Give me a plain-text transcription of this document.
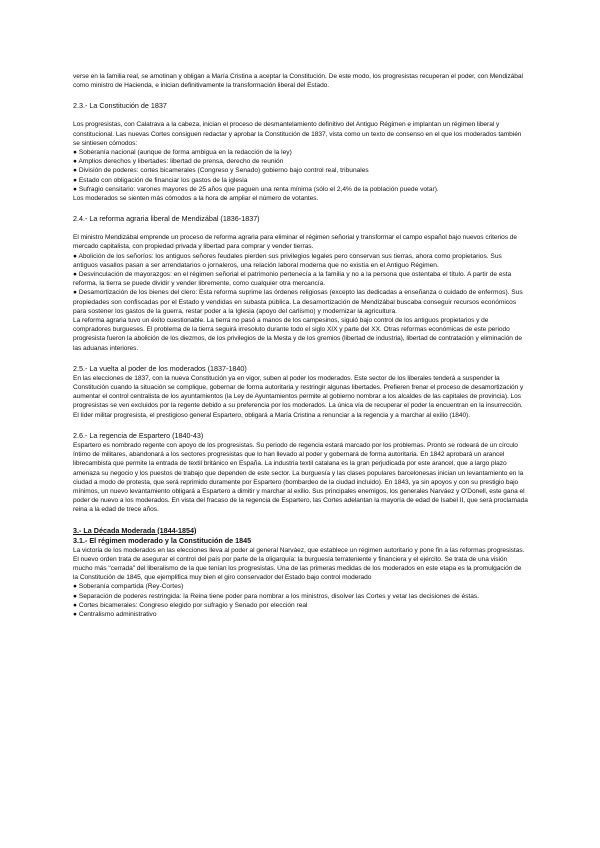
verse en la familia real, se amotinan y obligan a María Cristina a aceptar la Constitución. De este modo, los progresistas recuperan el poder, con Mendizábal como ministro de Hacienda, e inician definitivamente la transformación liberal del Estado.

2.3.- La Constitución de 1837

Los progresistas, con Calatrava a la cabeza, inician el proceso de desmantelamiento definitivo del Antiguo Régimen e implantan un régimen liberal y constitucional. Las nuevas Cortes consiguen redactar y aprobar la Constitución de 1837, vista como un texto de consenso en el que los moderados también se sintiesen cómodos:

● Soberanía nacional (aunque de forma ambigua en la redacción de la ley)

● Amplios derechos y libertades: libertad de prensa, derecho de reunión

● División de poderes: cortes bicamerales (Congreso y Senado) gobierno bajo control real, tribunales

● Estado con obligación de financiar los gastos de la iglesia

● Sufragio censitario: varones mayores de 25 años que paguen una renta mínima (sólo el 2,4% de la población puede votar).

Los moderados se sienten más cómodos a la hora de ampliar el número de votantes.

2.4.- La reforma agraria liberal de Mendizábal (1836-1837)

El ministro Mendizábal emprende un proceso de reforma agraria para eliminar el régimen señorial y transformar el campo español bajo nuevos criterios de mercado capitalista, con propiedad privada y libertad para comprar y vender tierras.

● Abolición de los señoríos: los antiguos señores feudales pierden sus privilegios legales pero conservan sus tierras, ahora como propietarios. Sus antiguos vasallos pasan a ser arrendatarios o jornaleros, una relación laboral moderna que no existía en el Antiguo Régimen.

● Desvinculación de mayorazgos: en el régimen señorial el patrimonio pertenecía a la familia y no a la persona que ostentaba el título. A partir de esta reforma, la tierra se puede dividir y vender libremente, como cualquier otra mercancía.

● Desamortización de los bienes del clero: Esta reforma suprime las órdenes religiosas (excepto las dedicadas a enseñanza o cuidado de enfermos). Sus propiedades son confiscadas por el Estado y vendidas en subasta pública. La desamortización de Mendizábal buscaba conseguir recursos económicos para sostener los gastos de la guerra, restar poder a la Iglesia (apoyo del carlismo) y modernizar la agricultura.

La reforma agraria tuvo un éxito cuestionable. La tierra no pasó a manos de los campesinos, siguió bajo control de los antiguos propietarios y de compradores burgueses. El problema de la tierra seguirá irresoluto durante todo el siglo XIX y parte del XX. Otras reformas económicas de este periodo progresista fueron la abolición de los diezmos, de los privilegios de la Mesta y de los gremios (libertad de industria), libertad de contratación y eliminación de las aduanas interiores.

2.5.- La vuelta al poder de los moderados (1837-1840)

En las elecciones de 1837, con la nueva Constitución ya en vigor, suben al poder los moderados. Este sector de los liberales tenderá a suspender la Constitución cuando la situación se complique, gobernar de forma autoritaria y restringir algunas libertades. Prefieren frenar el proceso de desamortización y aumentar el control centralista de los ayuntamientos (la Ley de Ayuntamientos permite al gobierno nombrar a los alcaldes de las capitales de provincia). Los progresistas se ven excluidos por la regente debido a su preferencia por los moderados. La única vía de recuperar el poder la encuentran en la insurrección. El líder militar progresista, el prestigioso general Espartero, obligará a María Cristina a renunciar a la regencia y a marchar al exilio (1840).

2.6.- La regencia de Espartero (1840-43)

Espartero es nombrado regente con apoyo de los progresistas. Su periodo de regencia estará marcado por los problemas. Pronto se rodeará de un círculo íntimo de militares, abandonará a los sectores progresistas que lo han llevado al poder y gobernará de forma autoritaria. En 1842 aprobará un arancel librecambista que permite la entrada de textil británico en España. La industria textil catalana es la gran perjudicada por este arancel, que a largo plazo amenaza su negocio y los puestos de trabajo que dependen de este sector. La burguesía y las clases populares barcelonesas inician un levantamiento en la ciudad a modo de protesta, que será reprimido duramente por Espartero (bombardeo de la ciudad incluido). En 1843, ya sin apoyos y con su prestigio bajo mínimos, un nuevo levantamiento obligará a Espartero a dimitir y marchar al exilio. Sus principales enemigos, los generales Narváez y O'Donell, este gana el poder de nuevo a los moderados. En vista del fracaso de la regencia de Espartero, las Cortes adelantan la mayoría de edad de Isabel II, que será proclamada reina a la edad de trece años.

3.- La Década Moderada (1844-1854)

3.1.- El régimen moderado y la Constitución de 1845

La victoria de los moderados en las elecciones lleva al poder al general Narváez, que establece un régimen autoritario y pone fin a las reformas progresistas. El nuevo orden trata de asegurar el control del país por parte de la oligarquía: la burguesía terrateniente y financiera y el ejército. Se trata de una visión mucho más "cerrada" del liberalismo de la que tenían los progresistas. Una de las primeras medidas de los moderados en este etapa es la promulgación de la Constitución de 1845, que ejemplifica muy bien el giro conservador del Estado bajo control moderado

● Soberanía compartida (Rey-Cortes)

● Separación de poderes restringida: la Reina tiene poder para nombrar a los ministros, disolver las Cortes y vetar las decisiones de éstas.

● Cortes bicamerales: Congreso elegido por sufragio y Senado por elección real

● Centralismo administrativo
